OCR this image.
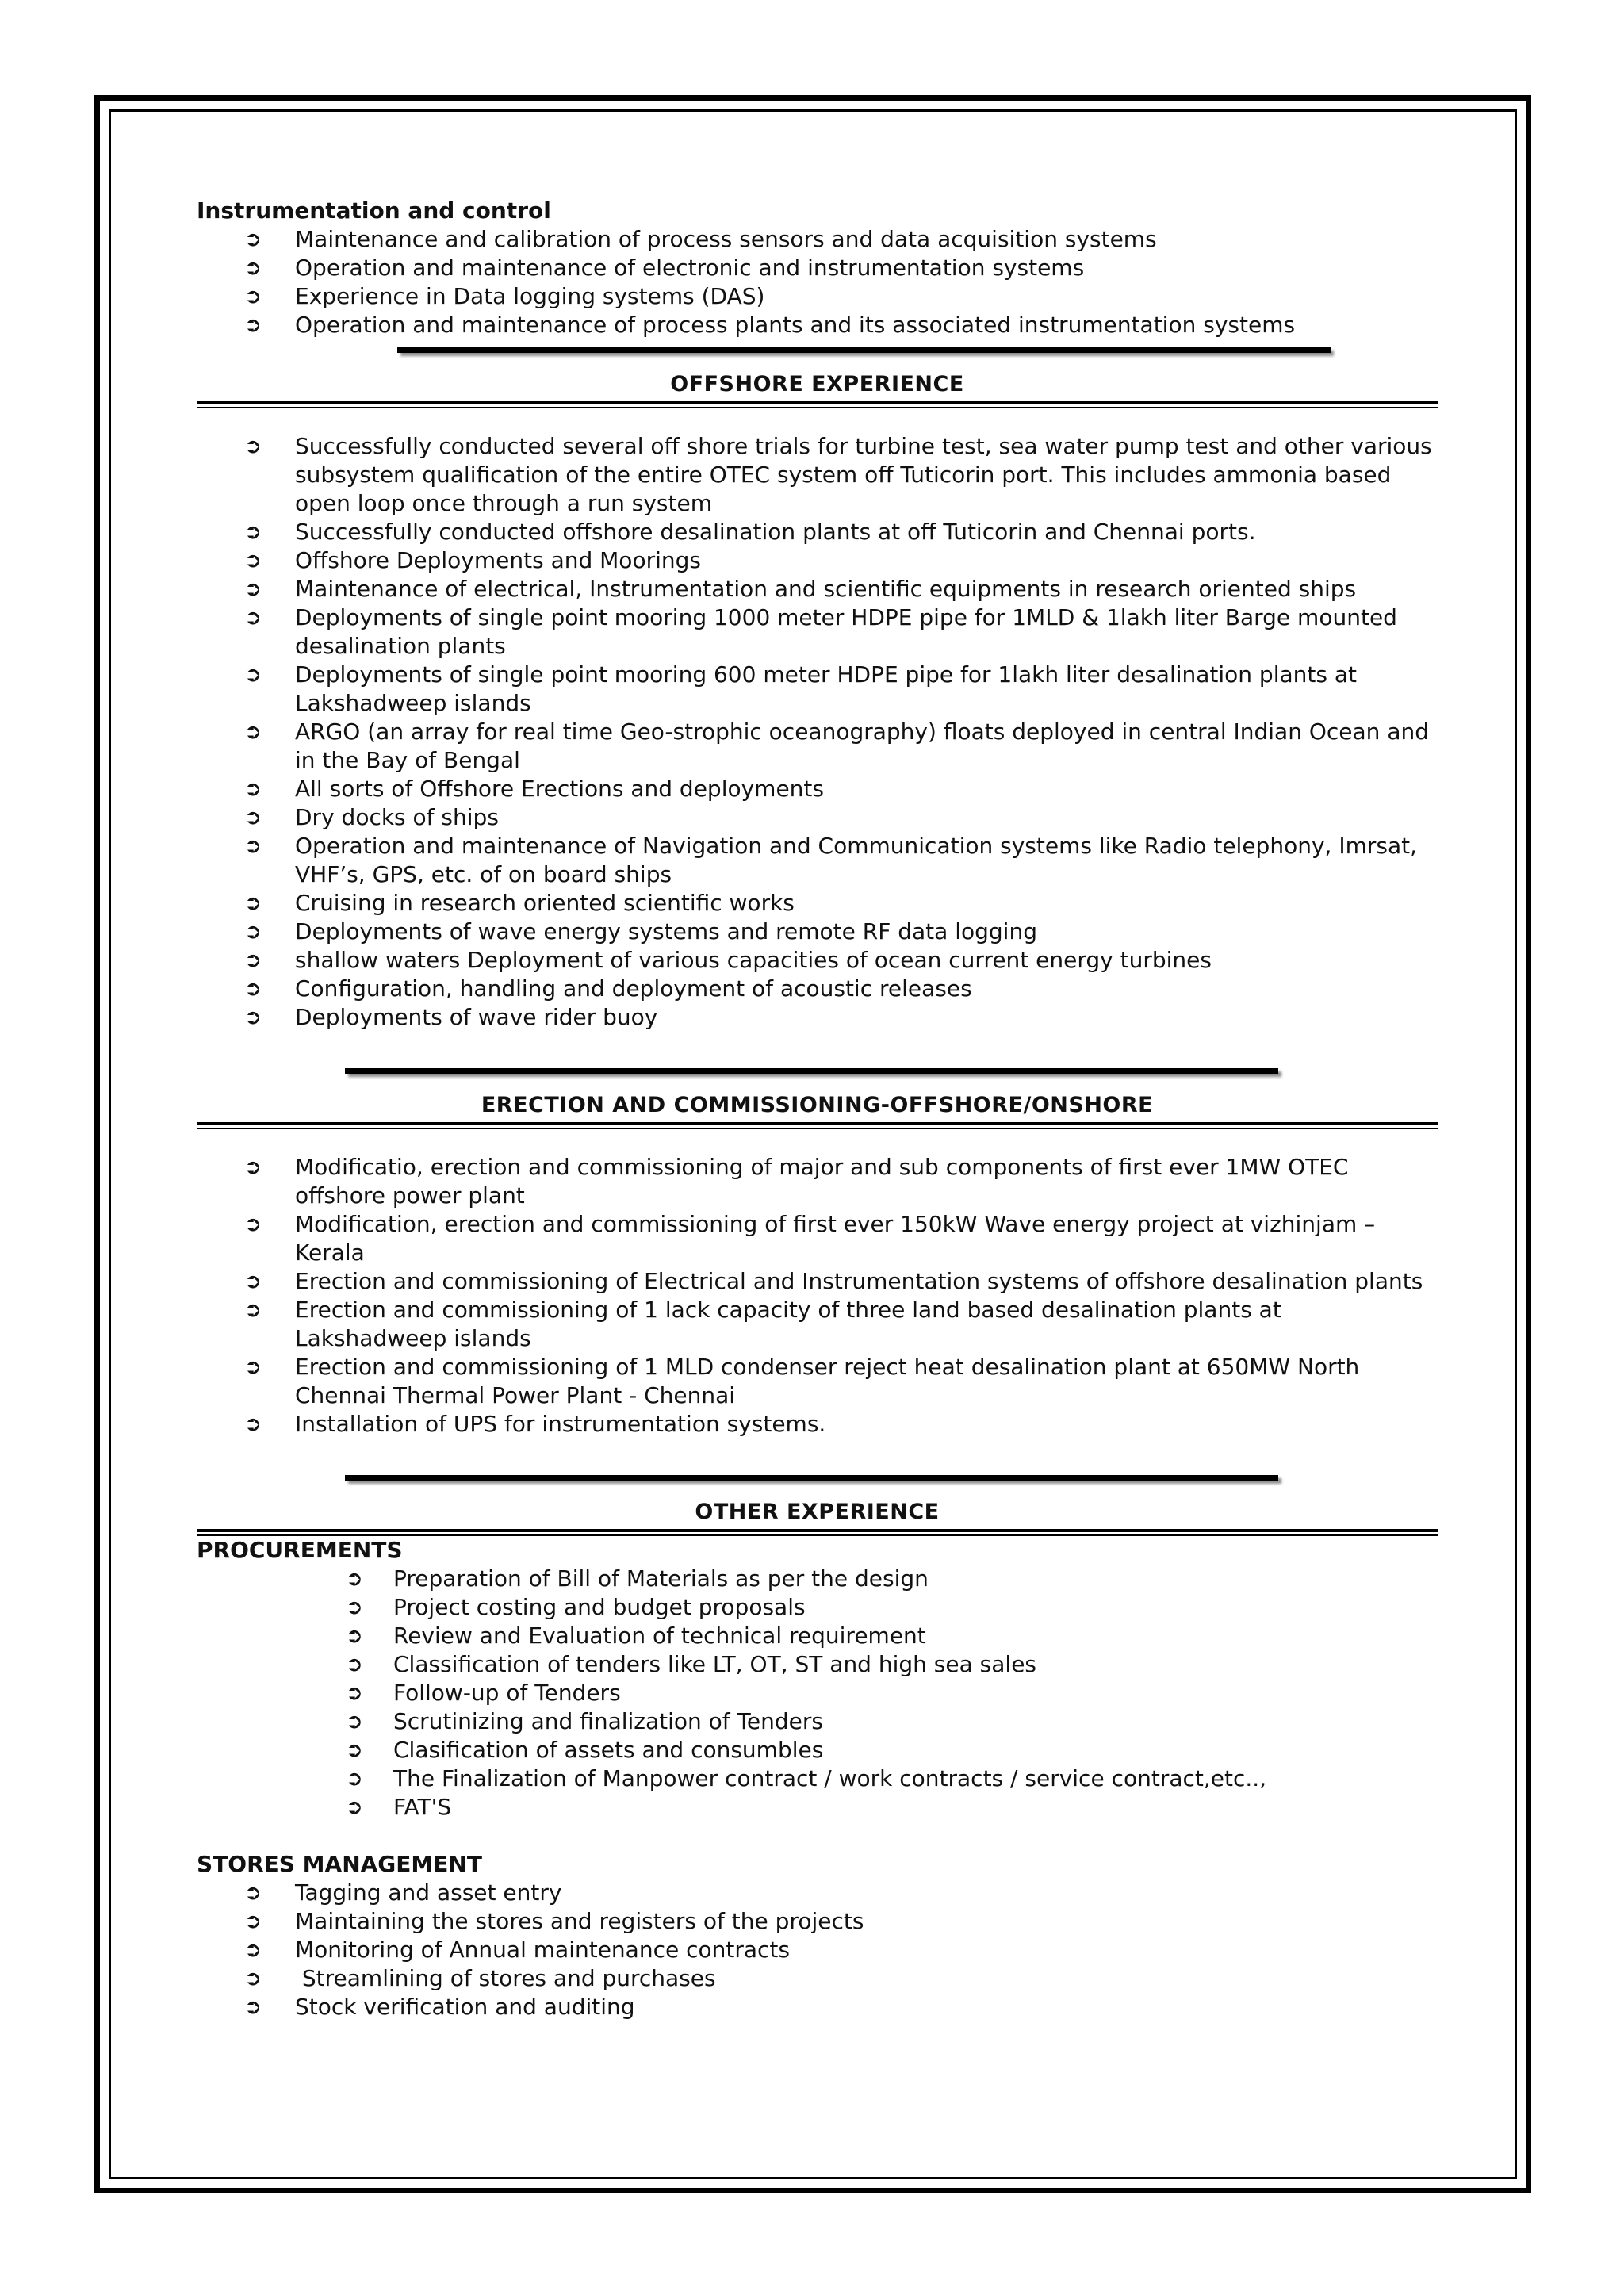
Instrumentation and control
➲ Maintenance and calibration of process sensors and data acquisition systems
➲ Operation and maintenance of electronic and instrumentation systems
➲ Experience in Data logging systems (DAS)
➲ Operation and maintenance of process plants and its associated instrumentation systems
OFFSHORE EXPERIENCE
➲ Successfully conducted several off shore trials for turbine test, sea water pump test and other various subsystem qualification of the entire OTEC system off Tuticorin port. This includes ammonia based open loop once through a run system
➲ Successfully conducted offshore desalination plants at off Tuticorin and Chennai ports.
➲ Offshore Deployments and Moorings
➲ Maintenance of electrical, Instrumentation and scientific equipments in research oriented ships
➲ Deployments of single point mooring 1000 meter HDPE pipe for 1MLD & 1lakh liter Barge mounted desalination plants
➲ Deployments of single point mooring 600 meter HDPE pipe for 1lakh liter desalination plants at Lakshadweep islands
➲ ARGO (an array for real time Geo-strophic oceanography) floats deployed in central Indian Ocean and in the Bay of Bengal
➲ All sorts of Offshore Erections and deployments
➲ Dry docks of ships
➲ Operation and maintenance of Navigation and Communication systems like Radio telephony, Imrsat, VHF’s, GPS, etc. of on board ships
➲ Cruising in research oriented scientific works
➲ Deployments of wave energy systems and remote RF data logging
➲ shallow waters Deployment of various capacities of ocean current energy turbines
➲ Configuration, handling and deployment of acoustic releases
➲ Deployments of wave rider buoy
ERECTION AND COMMISSIONING-OFFSHORE/ONSHORE
➲ Modificatio, erection and commissioning of major and sub components of first ever 1MW OTEC offshore power plant
➲ Modification, erection and commissioning of first ever 150kW Wave energy project at vizhinjam –Kerala
➲ Erection and commissioning of Electrical and Instrumentation systems of offshore desalination plants
➲ Erection and commissioning of 1 lack capacity of three land based desalination plants at Lakshadweep islands
➲ Erection and commissioning of 1 MLD condenser reject heat desalination plant at 650MW North Chennai Thermal Power Plant - Chennai
➲ Installation of UPS for instrumentation systems.
OTHER EXPERIENCE
PROCUREMENTS
➲ Preparation of Bill of Materials as per the design
➲ Project costing and budget proposals
➲ Review and Evaluation of technical requirement
➲ Classification of tenders like LT, OT, ST and high sea sales
➲ Follow-up of Tenders
➲ Scrutinizing and finalization of Tenders
➲ Clasification of assets and consumbles
➲ The Finalization of Manpower contract / work contracts / service contract,etc..,
➲ FAT'S
STORES MANAGEMENT
➲ Tagging and asset entry
➲ Maintaining the stores and registers of the projects
➲ Monitoring of Annual maintenance contracts
➲ Streamlining of stores and purchases
➲ Stock verification and auditing
